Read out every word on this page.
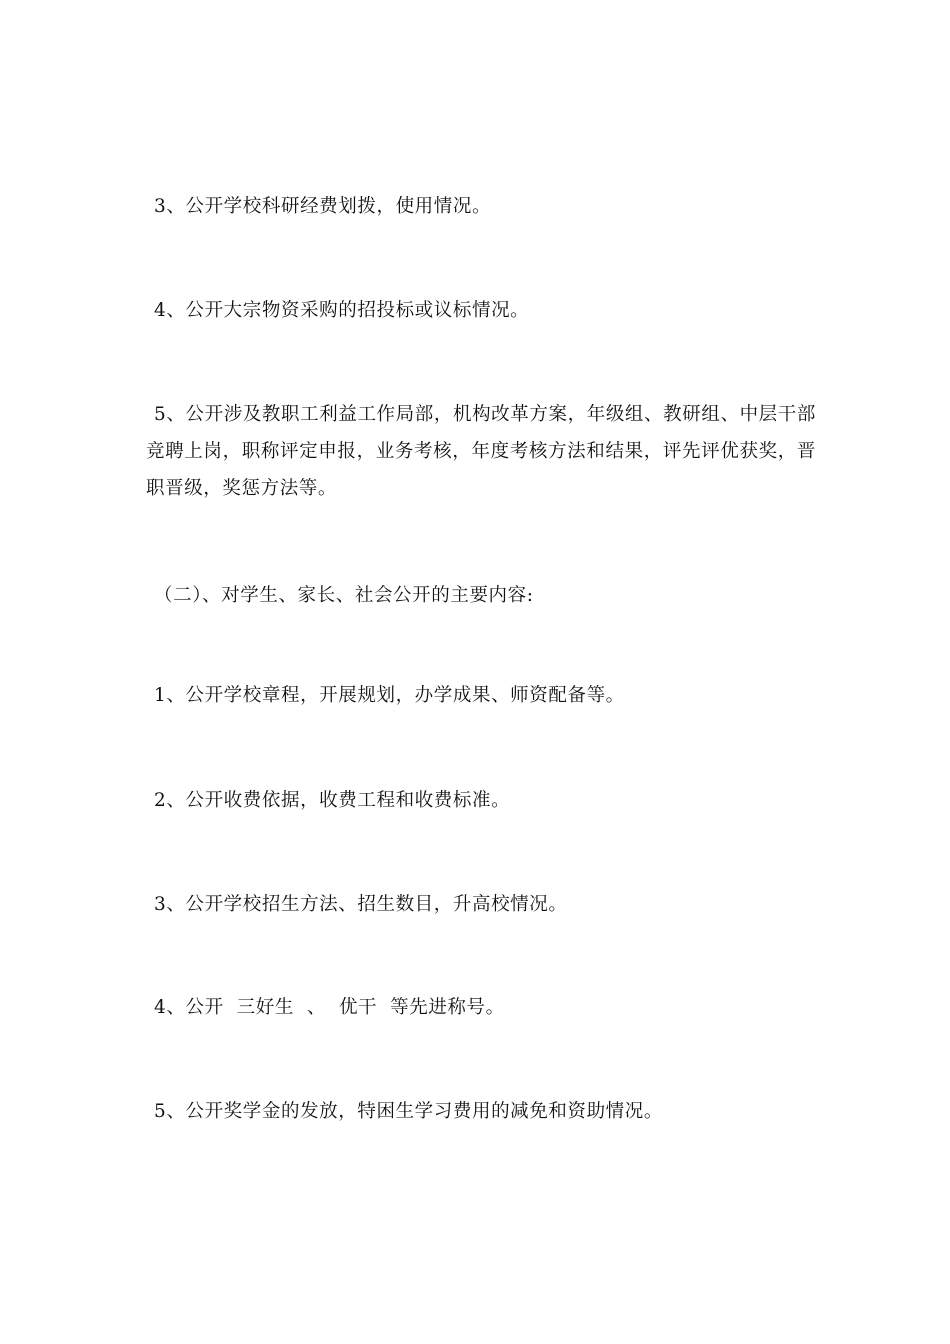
3、公开学校科研经费划拨，使用情况。

4、公开大宗物资采购的招投标或议标情况。

5、公开涉及教职工利益工作局部，机构改革方案，年级组、教研组、中层干部竞聘上岗，职称评定申报，业务考核，年度考核方法和结果，评先评优获奖，晋职晋级，奖惩方法等。

（二）、对学生、家长、社会公开的主要内容:

1、公开学校章程，开展规划，办学成果、师资配备等。

2、公开收费依据，收费工程和收费标准。

3、公开学校招生方法、招生数目，升高校情况。

4、公开  三好生  、  优干  等先进称号。

5、公开奖学金的发放，特困生学习费用的减免和资助情况。
